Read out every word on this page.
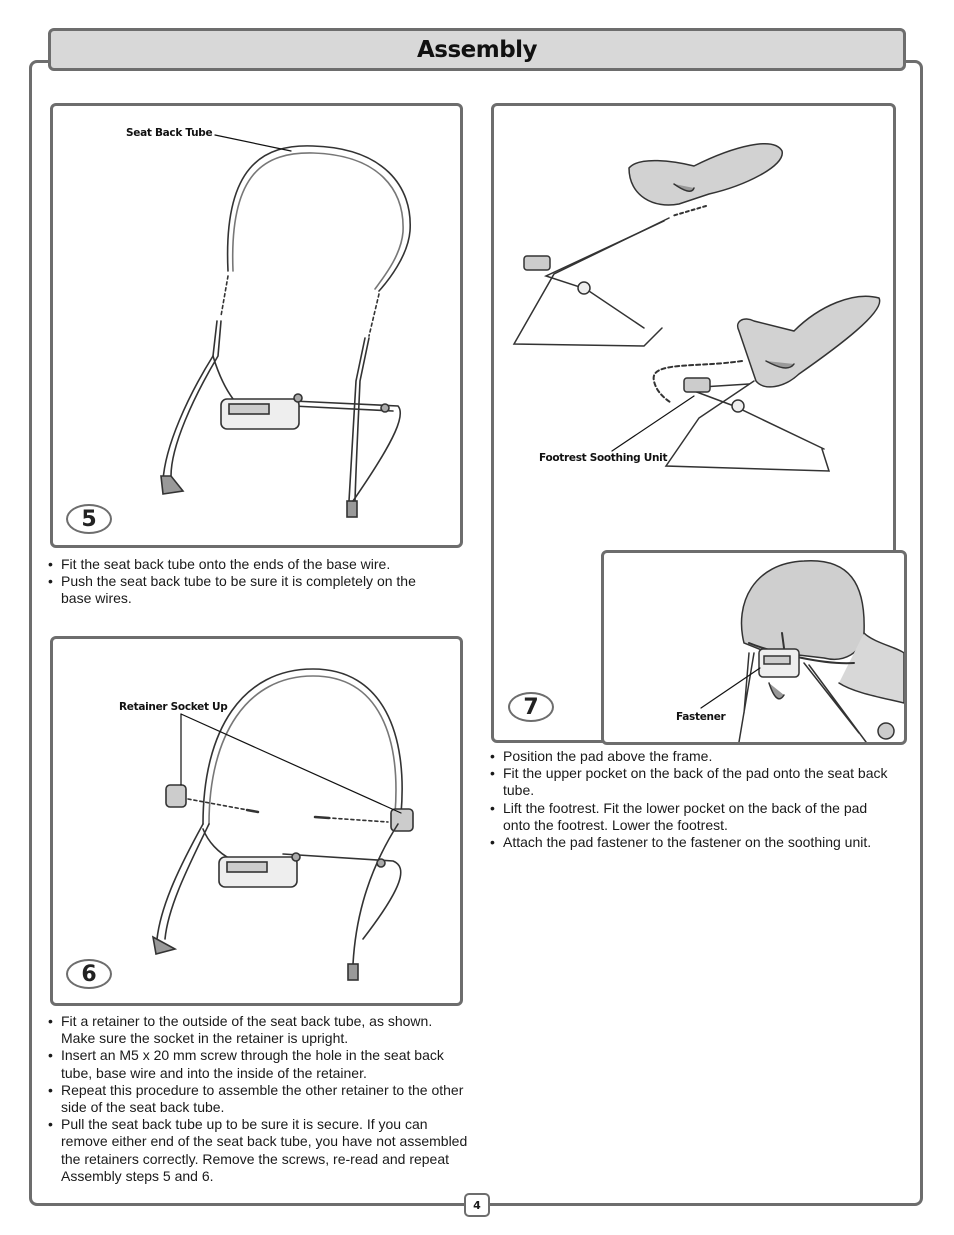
Assembly
Seat Back Tube
5
• Fit the seat back tube onto the ends of the base wire.
• Push the seat back tube to be sure it is completely on the base wires.
Retainer Socket Up
6
• Fit a retainer to the outside of the seat back tube, as shown. Make sure the socket in the retainer is upright.
• Insert an M5 x 20 mm screw through the hole in the seat back tube, base wire and into the inside of the retainer.
• Repeat this procedure to assemble the other retainer to the other side of the seat back tube.
• Pull the seat back tube up to be sure it is secure. If you can remove either end of the seat back tube, you have not assembled the retainers correctly. Remove the screws, re-read and repeat Assembly steps 5 and 6.
Footrest Soothing Unit
7	Fastener
• Position the pad above the frame.
• Fit the upper pocket on the back of the pad onto the seat back tube.
• Lift the footrest. Fit the lower pocket on the back of the pad onto the footrest. Lower the footrest.
• Attach the pad fastener to the fastener on the soothing unit.
4
